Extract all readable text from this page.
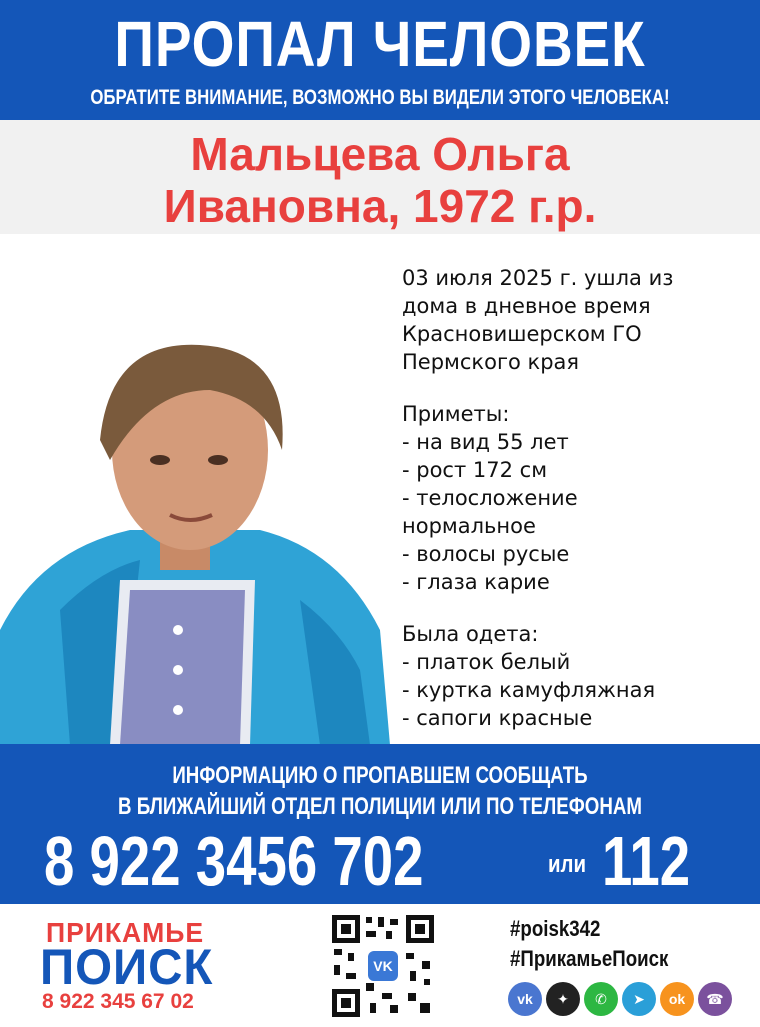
ПРОПАЛ ЧЕЛОВЕК
ОБРАТИТЕ ВНИМАНИЕ, ВОЗМОЖНО ВЫ ВИДЕЛИ ЭТОГО ЧЕЛОВЕКА!
Мальцева Ольга
Ивановна, 1972 г.р.
03 июля 2025 г. ушла из
дома в дневное время
Красновишерском ГО
Пермского края
Приметы:
- на вид 55 лет
- рост 172 см
- телосложение
нормальное
- волосы русые
- глаза карие
Была одета:
- платок белый
- куртка камуфляжная
- сапоги красные
ИНФОРМАЦИЮ О ПРОПАВШЕМ СООБЩАТЬ
В БЛИЖАЙШИЙ ОТДЕЛ ПОЛИЦИИ ИЛИ ПО ТЕЛЕФОНАМ
8 922 3456 702	или 112
ПРИКАМЬЕ
ПОИСК
8 922 345 67 02
VK
#poisk342
#ПрикамьеПоиск
vk	✦	✆	➤	ok	☎
